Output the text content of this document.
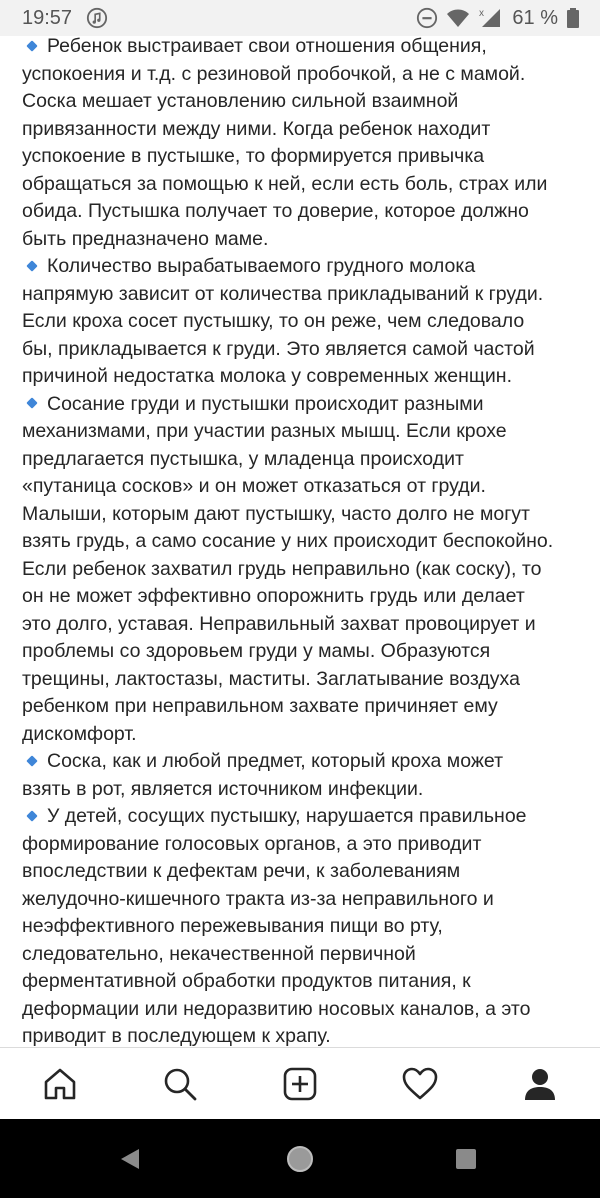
19:57	x 61 %

Ребенок выстраивает свои отношения общения,
успокоения и т.д. с резиновой пробочкой, а не с мамой.
Соска мешает установлению сильной взаимной
привязанности между ними. Когда ребенок находит
успокоение в пустышке, то формируется привычка
обращаться за помощью к ней, если есть боль, страх или
обида. Пустышка получает то доверие, которое должно
быть предназначено маме.

Количество вырабатываемого грудного молока
напрямую зависит от количества прикладываний к груди.
Если кроха сосет пустышку, то он реже, чем следовало
бы, прикладывается к груди. Это является самой частой
причиной недостатка молока у современных женщин.

Сосание груди и пустышки происходит разными
механизмами, при участии разных мышц. Если крохе
предлагается пустышка, у младенца происходит
«путаница сосков» и он может отказаться от груди.
Малыши, которым дают пустышку, часто долго не могут
взять грудь, а само сосание у них происходит беспокойно.
Если ребенок захватил грудь неправильно (как соску), то
он не может эффективно опорожнить грудь или делает
это долго, уставая. Неправильный захват провоцирует и
проблемы со здоровьем груди у мамы. Образуются
трещины, лактостазы, маститы. Заглатывание воздуха
ребенком при неправильном захвате причиняет ему
дискомфорт.

Соска, как и любой предмет, который кроха может
взять в рот, является источником инфекции.

У детей, сосущих пустышку, нарушается правильное
формирование голосовых органов, а это приводит
впоследствии к дефектам речи, к заболеваниям
желудочно-кишечного тракта из-за неправильного и
неэффективного пережевывания пищи во рту,
следовательно, некачественной первичной
ферментативной обработки продуктов питания, к
деформации или недоразвитию носовых каналов, а это
приводит в последующем к храпу.
